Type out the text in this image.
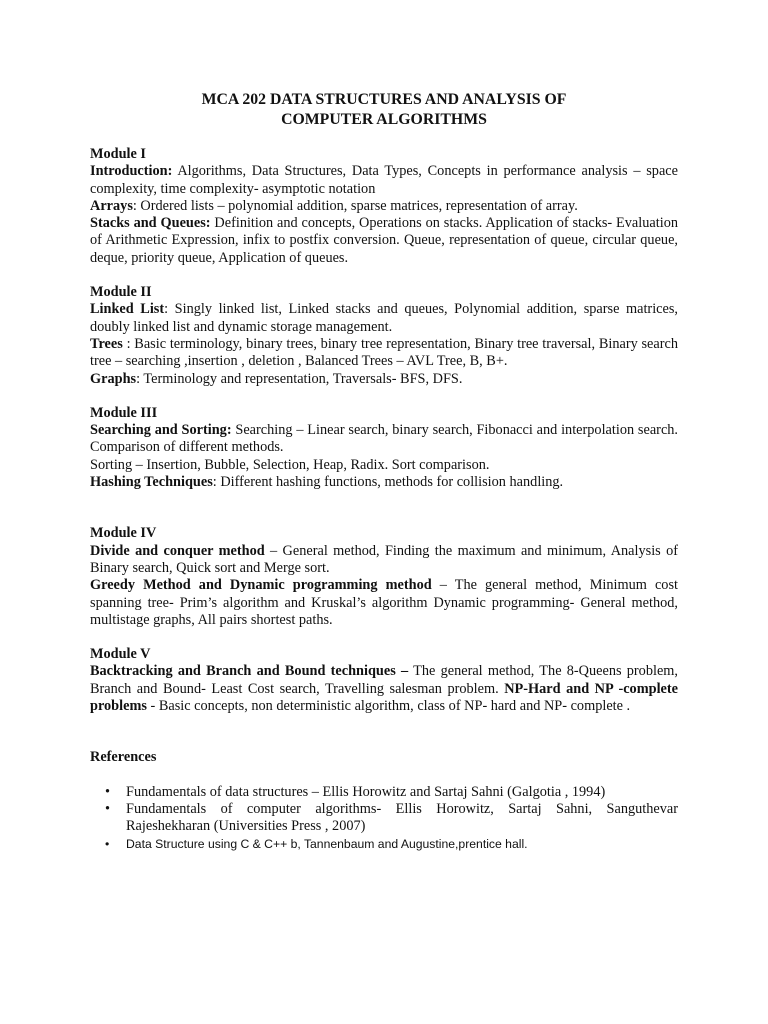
MCA 202 DATA STRUCTURES AND ANALYSIS OF
COMPUTER ALGORITHMS
Module I

Introduction: Algorithms, Data Structures, Data Types, Concepts in performance analysis – space complexity, time complexity- asymptotic notation

Arrays: Ordered lists – polynomial addition, sparse matrices, representation of array.

Stacks and Queues: Definition and concepts, Operations on stacks. Application of stacks- Evaluation of Arithmetic Expression, infix to postfix conversion. Queue, representation of queue, circular queue, deque, priority queue, Application of queues.

Module II

Linked List: Singly linked list, Linked stacks and queues, Polynomial addition, sparse matrices, doubly linked list and dynamic storage management.

Trees : Basic terminology, binary trees, binary tree representation, Binary tree traversal, Binary search tree – searching ,insertion , deletion , Balanced Trees – AVL Tree, B, B+.

Graphs: Terminology and representation, Traversals- BFS, DFS.

Module III

Searching and Sorting: Searching – Linear search, binary search, Fibonacci and interpolation search. Comparison of different methods.

Sorting – Insertion, Bubble, Selection, Heap, Radix. Sort comparison.

Hashing Techniques: Different hashing functions, methods for collision handling.

Module IV

Divide and conquer method – General method, Finding the maximum and minimum, Analysis of Binary search, Quick sort and Merge sort.

Greedy Method and Dynamic programming method – The general method, Minimum cost spanning tree- Prim’s algorithm and Kruskal’s algorithm Dynamic programming- General method, multistage graphs, All pairs shortest paths.

Module V

Backtracking and Branch and Bound techniques – The general method, The 8-Queens problem, Branch and Bound- Least Cost search, Travelling salesman problem. NP-Hard and NP -complete problems - Basic concepts, non deterministic algorithm, class of NP- hard and NP- complete .

References
• Fundamentals of data structures – Ellis Horowitz and Sartaj Sahni (Galgotia , 1994)
• Fundamentals of computer algorithms- Ellis Horowitz, Sartaj Sahni, Sanguthevar Rajeshekharan (Universities Press , 2007)
• Data Structure using C & C++ b, Tannenbaum and Augustine,prentice hall.
